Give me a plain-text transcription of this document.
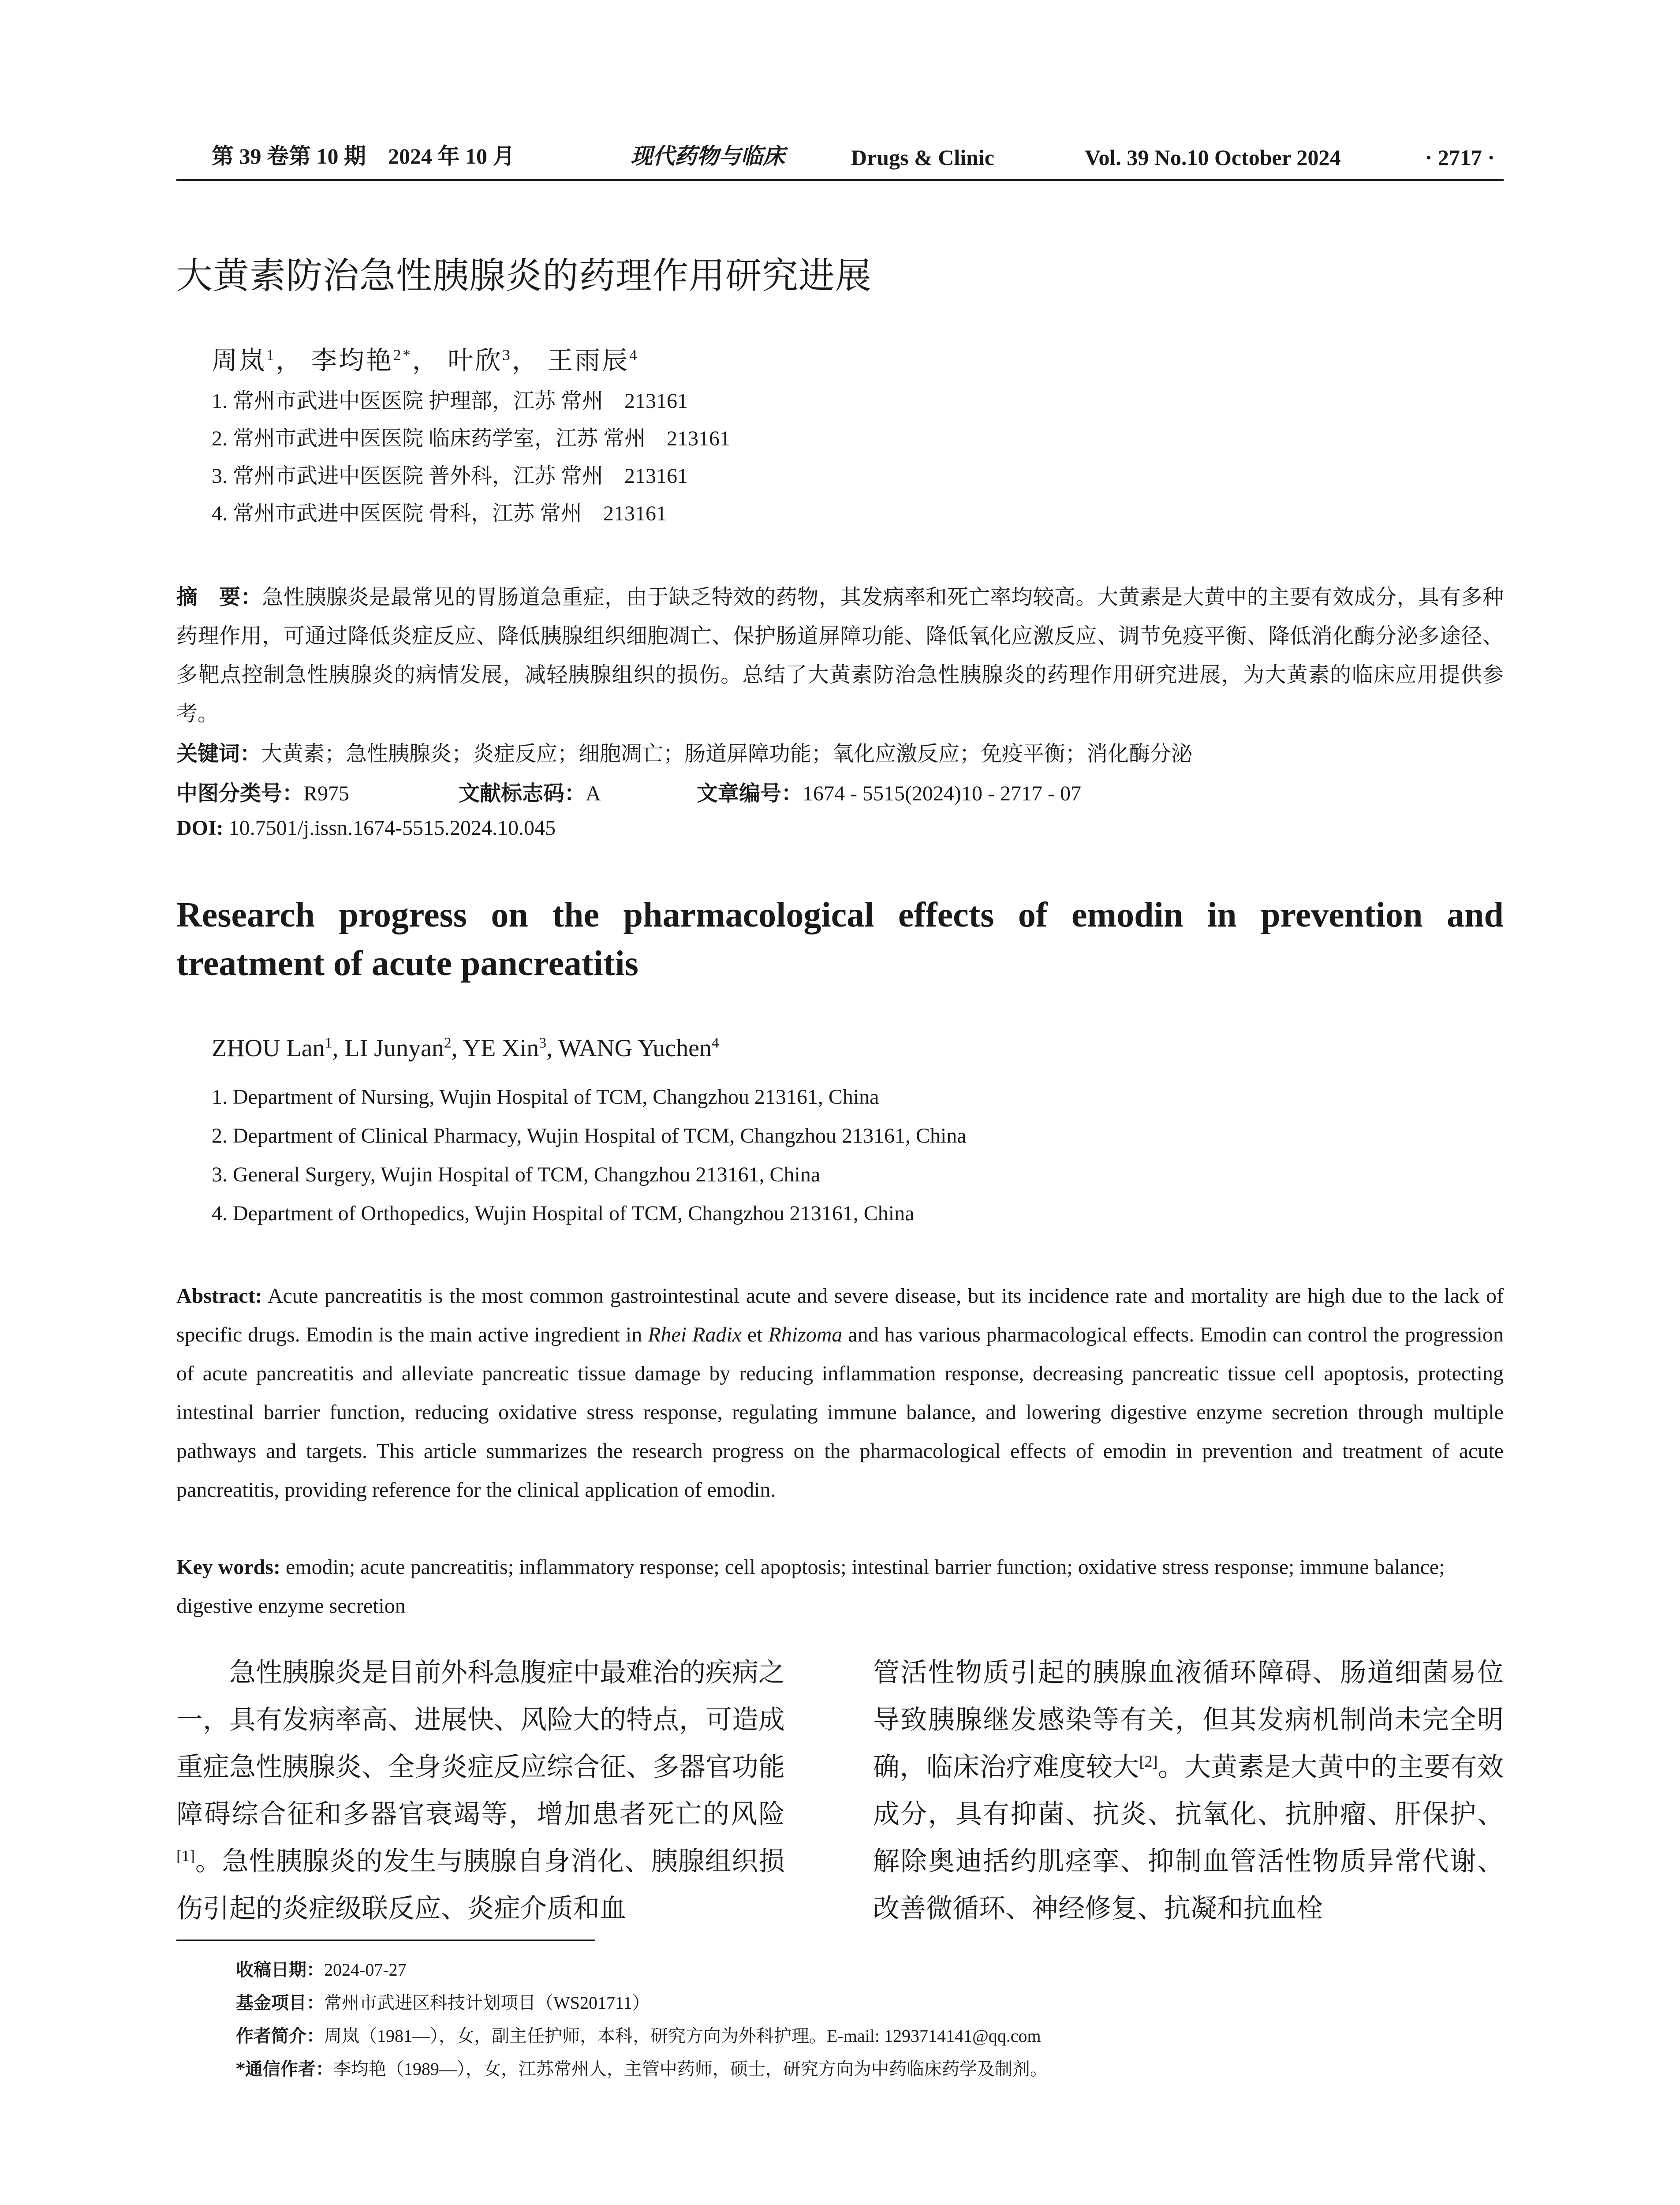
第 39 卷第 10 期　2024 年 10 月	现代药物与临床	Drugs & Clinic	Vol. 39 No.10 October 2024	· 2717 ·
大黄素防治急性胰腺炎的药理作用研究进展
周岚$^1$， 李均艳$^{2*}$， 叶欣$^3$， 王雨辰$^4$
1. 常州市武进中医医院 护理部，江苏 常州　213161
2. 常州市武进中医医院 临床药学室，江苏 常州　213161
3. 常州市武进中医医院 普外科，江苏 常州　213161
4. 常州市武进中医医院 骨科，江苏 常州　213161
摘　要：急性胰腺炎是最常见的胃肠道急重症，由于缺乏特效的药物，其发病率和死亡率均较高。大黄素是大黄中的主要有效成分，具有多种药理作用，可通过降低炎症反应、降低胰腺组织细胞凋亡、保护肠道屏障功能、降低氧化应激反应、调节免疫平衡、降低消化酶分泌多途径、多靶点控制急性胰腺炎的病情发展，减轻胰腺组织的损伤。总结了大黄素防治急性胰腺炎的药理作用研究进展，为大黄素的临床应用提供参考。
关键词：大黄素；急性胰腺炎；炎症反应；细胞凋亡；肠道屏障功能；氧化应激反应；免疫平衡；消化酶分泌
中图分类号：R975	文献标志码：A	文章编号：1674 - 5515(2024)10 - 2717 - 07
DOI: 10.7501/j.issn.1674-5515.2024.10.045
Research progress on the pharmacological effects of emodin in prevention and treatment of acute pancreatitis
ZHOU Lan$^1$, LI Junyan$^2$, YE Xin$^3$, WANG Yuchen$^4$
1. Department of Nursing, Wujin Hospital of TCM, Changzhou 213161, China
2. Department of Clinical Pharmacy, Wujin Hospital of TCM, Changzhou 213161, China
3. General Surgery, Wujin Hospital of TCM, Changzhou 213161, China
4. Department of Orthopedics, Wujin Hospital of TCM, Changzhou 213161, China
Abstract: Acute pancreatitis is the most common gastrointestinal acute and severe disease, but its incidence rate and mortality are high due to the lack of specific drugs. Emodin is the main active ingredient in Rhei Radix et Rhizoma and has various pharmacological effects. Emodin can control the progression of acute pancreatitis and alleviate pancreatic tissue damage by reducing inflammation response, decreasing pancreatic tissue cell apoptosis, protecting intestinal barrier function, reducing oxidative stress response, regulating immune balance, and lowering digestive enzyme secretion through multiple pathways and targets. This article summarizes the research progress on the pharmacological effects of emodin in prevention and treatment of acute pancreatitis, providing reference for the clinical application of emodin.
Key words: emodin; acute pancreatitis; inflammatory response; cell apoptosis; intestinal barrier function; oxidative stress response; immune balance; digestive enzyme secretion

急性胰腺炎是目前外科急腹症中最难治的疾病之一，具有发病率高、进展快、风险大的特点，可造成重症急性胰腺炎、全身炎症反应综合征、多器官功能障碍综合征和多器官衰竭等，增加患者死亡的风险[1]。急性胰腺炎的发生与胰腺自身消化、胰腺组织损伤引起的炎症级联反应、炎症介质和血

管活性物质引起的胰腺血液循环障碍、肠道细菌易位导致胰腺继发感染等有关，但其发病机制尚未完全明确，临床治疗难度较大[2]。大黄素是大黄中的主要有效成分，具有抑菌、抗炎、抗氧化、抗肿瘤、肝保护、解除奥迪括约肌痉挛、抑制血管活性物质异常代谢、改善微循环、神经修复、抗凝和抗血栓

收稿日期：2024-07-27
基金项目：常州市武进区科技计划项目（WS201711）
作者简介：周岚（1981—），女，副主任护师，本科，研究方向为外科护理。E-mail: 1293714141@qq.com
*通信作者：李均艳（1989—），女，江苏常州人，主管中药师，硕士，研究方向为中药临床药学及制剂。
